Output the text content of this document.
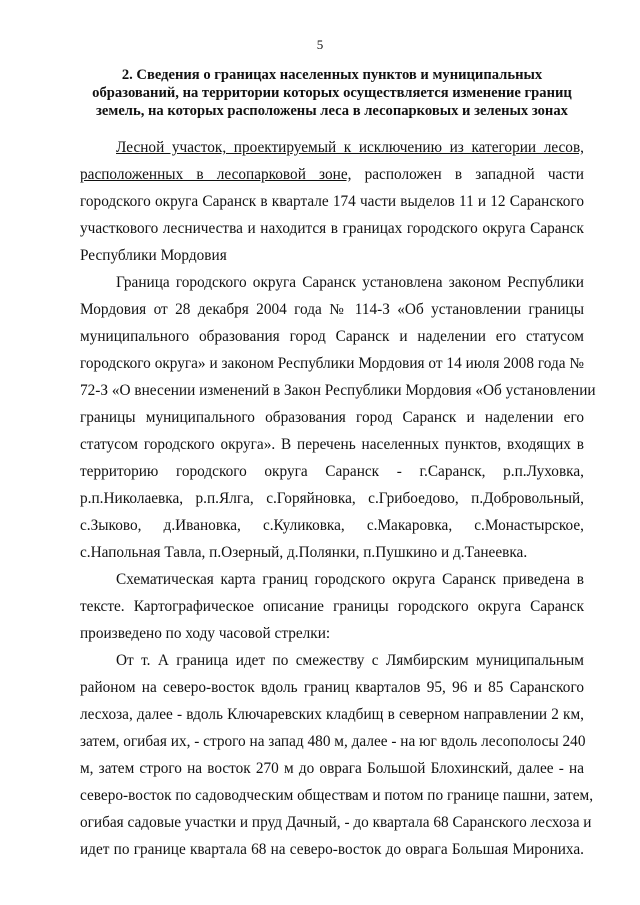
5
2. Сведения о границах населенных пунктов и муниципальных
образований, на территории которых осуществляется изменение границ
земель, на которых расположены леса в лесопарковых и зеленых зонах
Лесной участок, проектируемый к исключению из категории лесов,
расположенных в лесопарковой зоне, расположен в западной части
городского округа Саранск в квартале 174 части выделов 11 и 12 Саранского
участкового лесничества и находится в границах городского округа Саранск
Республики Мордовия
Граница городского округа Саранск установлена законом Республики
Мордовия от 28 декабря 2004 года № 114-З «Об установлении границы
муниципального образования город Саранск и наделении его статусом
городского округа» и законом Республики Мордовия от 14 июля 2008 года №
72-З «О внесении изменений в Закон Республики Мордовия «Об установлении
границы муниципального образования город Саранск и наделении его
статусом городского округа». В перечень населенных пунктов, входящих в
территорию городского округа Саранск - г.Саранск, р.п.Луховка,
р.п.Николаевка, р.п.Ялга, с.Горяйновка, с.Грибоедово, п.Добровольный,
с.Зыково, д.Ивановка, с.Куликовка, с.Макаровка, с.Монастырское,
с.Напольная Тавла, п.Озерный, д.Полянки, п.Пушкино и д.Танеевка.
Схематическая карта границ городского округа Саранск приведена в
тексте. Картографическое описание границы городского округа Саранск
произведено по ходу часовой стрелки:
От т. А граница идет по смежеству с Лямбирским муниципальным
районом на северо-восток вдоль границ кварталов 95, 96 и 85 Саранского
лесхоза, далее - вдоль Ключаревских кладбищ в северном направлении 2 км,
затем, огибая их, - строго на запад 480 м, далее - на юг вдоль лесополосы 240
м, затем строго на восток 270 м до оврага Большой Блохинский, далее - на
северо-восток по садоводческим обществам и потом по границе пашни, затем,
огибая садовые участки и пруд Дачный, - до квартала 68 Саранского лесхоза и
идет по границе квартала 68 на северо-восток до оврага Большая Мирониха.
